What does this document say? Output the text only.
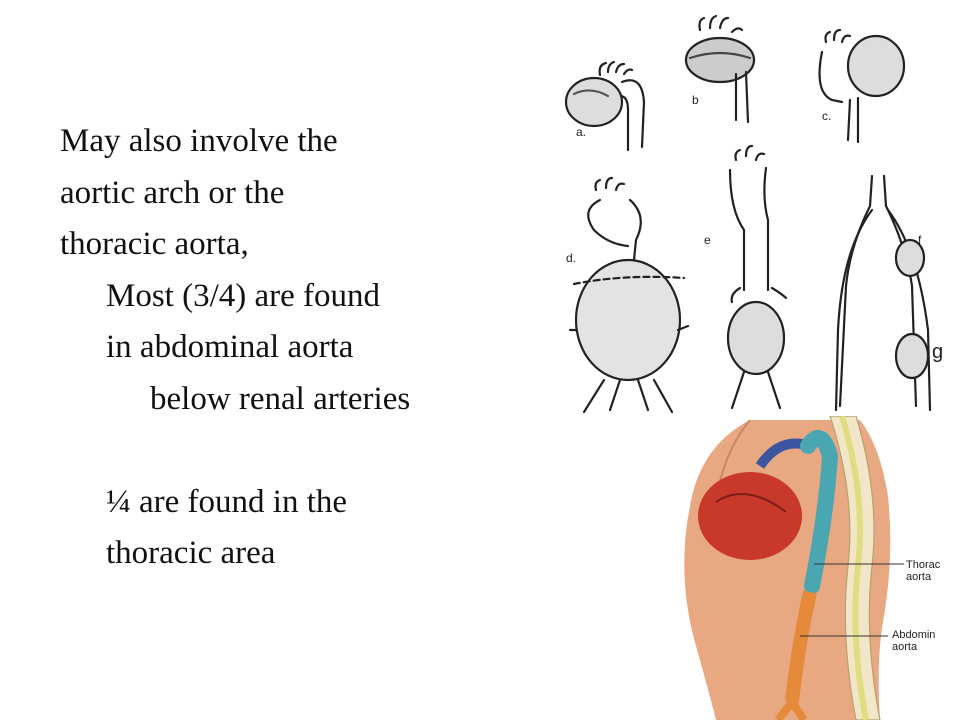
May also involve the
aortic arch or the
thoracic aorta,
Most (3/4) are found
in abdominal aorta
below renal arteries
¼ are found in the
thoracic area
a.
b
c.
d.
e	f
g
Thorac
aorta
Abdomin
aorta
